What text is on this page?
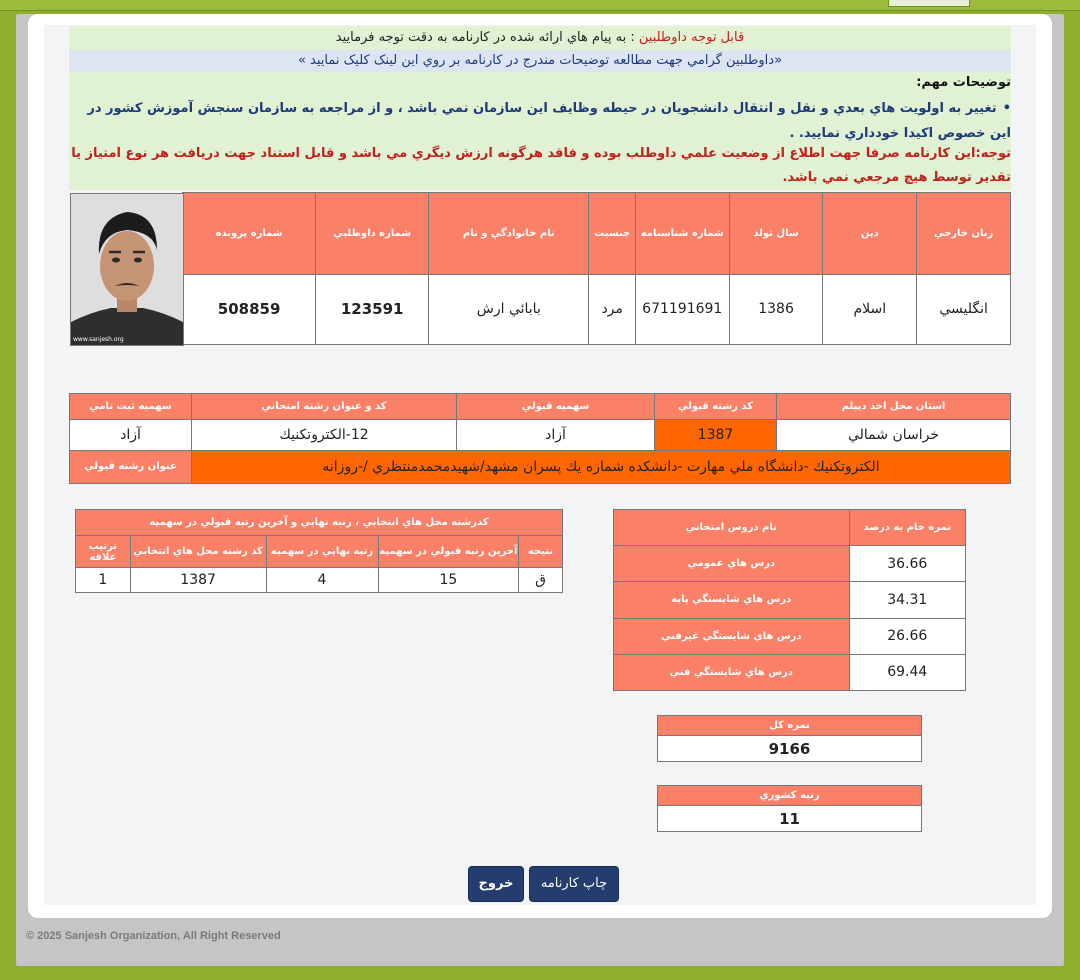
قابل توجه داوطلبين : به پيام هاي ارائه شده در كارنامه به دقت توجه فرماييد
«داوطلبين گرامي جهت مطالعه توضيحات مندرج در كارنامه بر روي اين لينک كليک نماييد »
توضيحات مهم:
•تغيير به اولويت هاي بعدي و نقل و انتقال دانشجويان در حيطه وظايف اين سازمان نمي باشد ، و از مراجعه به سازمان سنجش آموزش کشور در اين خصوص اکيدا خودداري نماييد. .
توجه:اين کارنامه صرفا جهت اطلاع از وضعيت علمي داوطلب بوده و فاقد هرگونه ارزش ديگري مي باشد و قابل استناد جهت دريافت هر نوع امتياز يا تقدير توسط هيچ مرجعي نمي باشد.
زبان خارجي	دين	سال تولد	شماره شناسنامه	جنسيت	نام خانوادگي و نام	شماره داوطلبي	شماره پرونده
انگليسي	اسلام	1386	671191691	مرد	بابائي ارش	123591	508859
www.sanjesh.org
استان محل اخذ ديپلم	كد رشته قبولي	سهميه قبولي	كد و عنوان رشته امتحاني	سهميه ثبت نامي
خراسان شمالي	1387	آزاد	12-الكتروتكنيك	آزاد
الكتروتكنيك -دانشگاه ملي مهارت -دانشكده شماره يك پسران مشهد/شهيدمحمدمنتظري /-روزانه				عنوان رشته قبولي
كدرشته محل هاي انتخابي ، رتبه نهايي و آخرين رتبه قبولي در سهميه				
نتيجه	آخرين رتبه قبولي در سهميه	رتبه نهايي در سهميه	كد رشته محل هاي انتخابي	ترتيب علاقه
ق	15	4	1387	1
نمره خام به درصد	نام دروس امتحاني
36.66	درس هاي عمومي
34.31	درس هاي شايستگي پايه
26.66	درس هاي شايستگي غيرفني
69.44	درس هاي شايستگي فني
نمره کل
9166
رتبه كشوري
11
چاپ كارنامه
خروج
© 2025 Sanjesh Organization, All Right Reserved
